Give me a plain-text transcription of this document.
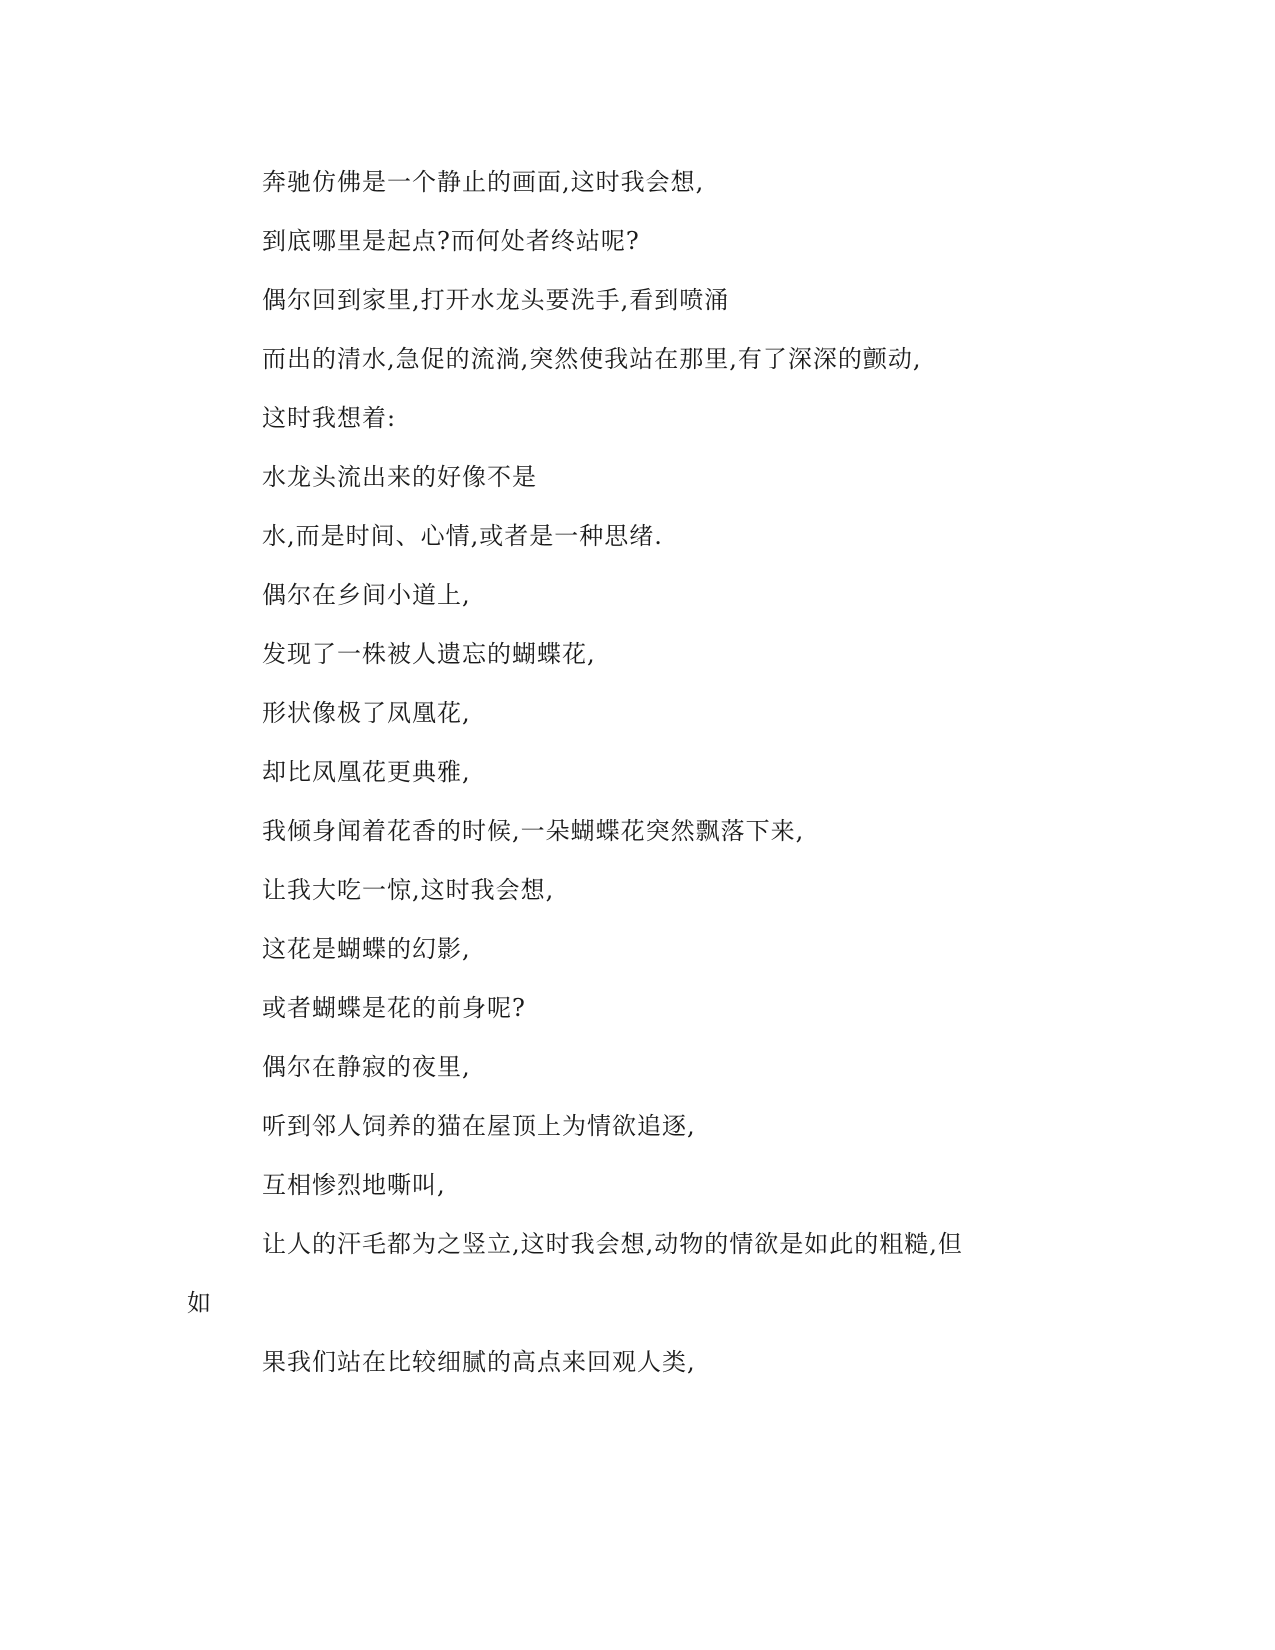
奔驰仿佛是一个静止的画面,这时我会想,
到底哪里是起点?而何处者终站呢?
偶尔回到家里,打开水龙头要洗手,看到喷涌
而出的清水,急促的流淌,突然使我站在那里,有了深深的颤动,
这时我想着:
水龙头流出来的好像不是
水,而是时间、心情,或者是一种思绪.
偶尔在乡间小道上,
发现了一株被人遗忘的蝴蝶花,
形状像极了凤凰花,
却比凤凰花更典雅,
我倾身闻着花香的时候,一朵蝴蝶花突然飘落下来,
让我大吃一惊,这时我会想,
这花是蝴蝶的幻影,
或者蝴蝶是花的前身呢?
偶尔在静寂的夜里,
听到邻人饲养的猫在屋顶上为情欲追逐,
互相惨烈地嘶叫,
让人的汗毛都为之竖立,这时我会想,动物的情欲是如此的粗糙,但
如
果我们站在比较细腻的高点来回观人类,
